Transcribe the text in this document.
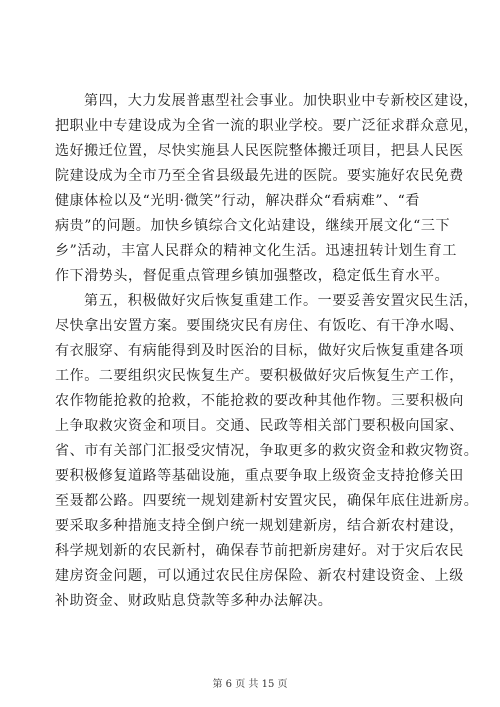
第四，大力发展普惠型社会事业。加快职业中专新校区建设，
把职业中专建设成为全省一流的职业学校。要广泛征求群众意见，
选好搬迁位置，尽快实施县人民医院整体搬迁项目，把县人民医
院建设成为全市乃至全省县级最先进的医院。要实施好农民免费
健康体检以及“光明·微笑”行动，解决群众“看病难”、“看
病贵”的问题。加快乡镇综合文化站建设，继续开展文化“三下
乡”活动，丰富人民群众的精神文化生活。迅速扭转计划生育工
作下滑势头，督促重点管理乡镇加强整改，稳定低生育水平。
第五，积极做好灾后恢复重建工作。一要妥善安置灾民生活，
尽快拿出安置方案。要围绕灾民有房住、有饭吃、有干净水喝、
有衣服穿、有病能得到及时医治的目标，做好灾后恢复重建各项
工作。二要组织灾民恢复生产。要积极做好灾后恢复生产工作，
农作物能抢救的抢救，不能抢救的要改种其他作物。三要积极向
上争取救灾资金和项目。交通、民政等相关部门要积极向国家、
省、市有关部门汇报受灾情况，争取更多的救灾资金和救灾物资。
要积极修复道路等基础设施，重点要争取上级资金支持抢修关田
至聂都公路。四要统一规划建新村安置灾民，确保年底住进新房。
要采取多种措施支持全倒户统一规划建新房，结合新农村建设，
科学规划新的农民新村，确保春节前把新房建好。对于灾后农民
建房资金问题，可以通过农民住房保险、新农村建设资金、上级
补助资金、财政贴息贷款等多种办法解决。
第 6 页 共 15 页
